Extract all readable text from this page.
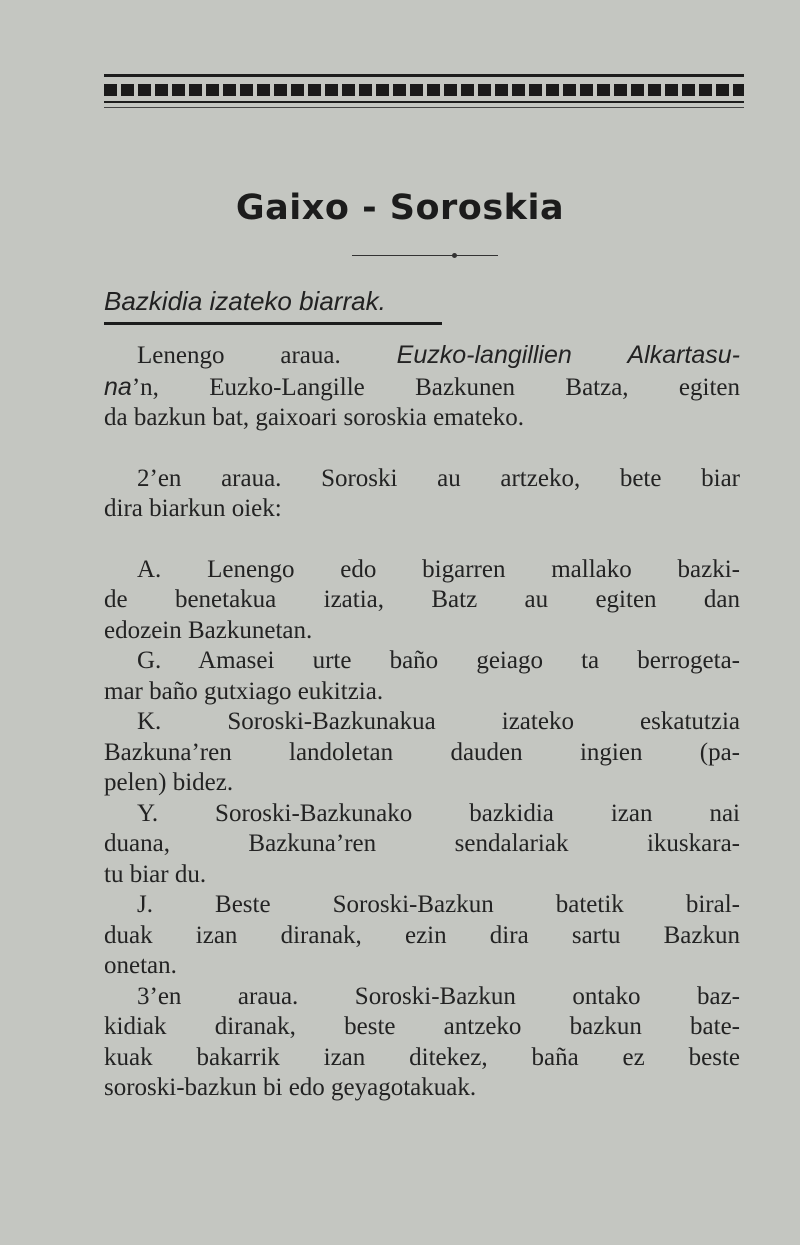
Gaixo - Soroskia
Bazkidia izateko biarrak.

Lenengo araua. Euzko-langillien Alkartasu-

na’n, Euzko-Langille Bazkunen Batza, egiten

da bazkun bat, gaixoari soroskia emateko.

2’en araua. Soroski au artzeko, bete biar

dira biarkun oiek:

A. Lenengo edo bigarren mallako bazki-

de benetakua izatia, Batz au egiten dan

edozein Bazkunetan.

G. Amasei urte baño geiago ta berrogeta-

mar baño gutxiago eukitzia.

K. Soroski-Bazkunakua izateko eskatutzia

Bazkuna’ren landoletan dauden ingien (pa-

pelen) bidez.

Y. Soroski-Bazkunako bazkidia izan nai

duana, Bazkuna’ren sendalariak ikuskara-

tu biar du.

J. Beste Soroski-Bazkun batetik biral-

duak izan diranak, ezin dira sartu Bazkun

onetan.

3’en araua. Soroski-Bazkun ontako baz-

kidiak diranak, beste antzeko bazkun bate-

kuak bakarrik izan ditekez, baña ez beste

soroski-bazkun bi edo geyagotakuak.
